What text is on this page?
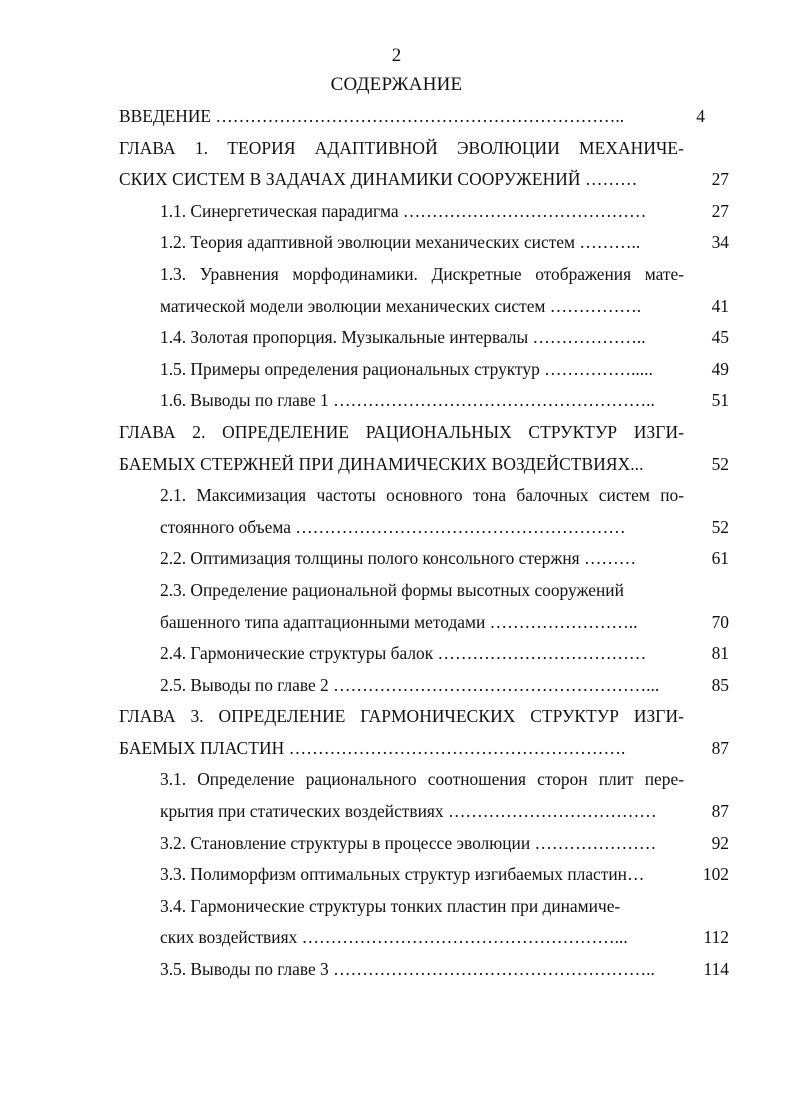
2
СОДЕРЖАНИЕ
ВВЕДЕНИЕ ……………………………………………………………..	4
ГЛАВА 1. ТЕОРИЯ АДАПТИВНОЙ ЭВОЛЮЦИИ МЕХАНИЧЕ-
СКИХ СИСТЕМ В ЗАДАЧАХ ДИНАМИКИ СООРУЖЕНИЙ ………	27
1.1. Синергетическая парадигма ……………………………………	27
1.2. Теория адаптивной эволюции механических систем ………..	34
1.3. Уравнения морфодинамики. Дискретные отображения мате-
матической модели эволюции механических систем …………….	41
1.4. Золотая пропорция. Музыкальные интервалы ………………..	45
1.5. Примеры определения рациональных структур …………….....	49
1.6. Выводы по главе 1 ………………………………………………..	51
ГЛАВА 2. ОПРЕДЕЛЕНИЕ РАЦИОНАЛЬНЫХ СТРУКТУР ИЗГИ-
БАЕМЫХ СТЕРЖНЕЙ ПРИ ДИНАМИЧЕСКИХ ВОЗДЕЙСТВИЯХ...	52
2.1. Максимизация частоты основного тона балочных систем по-
стоянного объема …………………………………………………	52
2.2. Оптимизация толщины полого консольного стержня ………	61
2.3. Определение рациональной формы высотных сооружений
башенного типа адаптационными методами ……………………..	70
2.4. Гармонические структуры балок ………………………………	81
2.5. Выводы по главе 2 ………………………………………………...	85
ГЛАВА 3. ОПРЕДЕЛЕНИЕ ГАРМОНИЧЕСКИХ СТРУКТУР ИЗГИ-
БАЕМЫХ ПЛАСТИН ………………………………………………….	87
3.1. Определение рационального соотношения сторон плит пере-
крытия при статических воздействиях ………………………………	87
3.2. Становление структуры в процессе эволюции …………………	92
3.3. Полиморфизм оптимальных структур изгибаемых пластин…	102
3.4. Гармонические структуры тонких пластин при динамиче-
ских воздействиях ………………………………………………...	112
3.5. Выводы по главе 3 ………………………………………………..	114
